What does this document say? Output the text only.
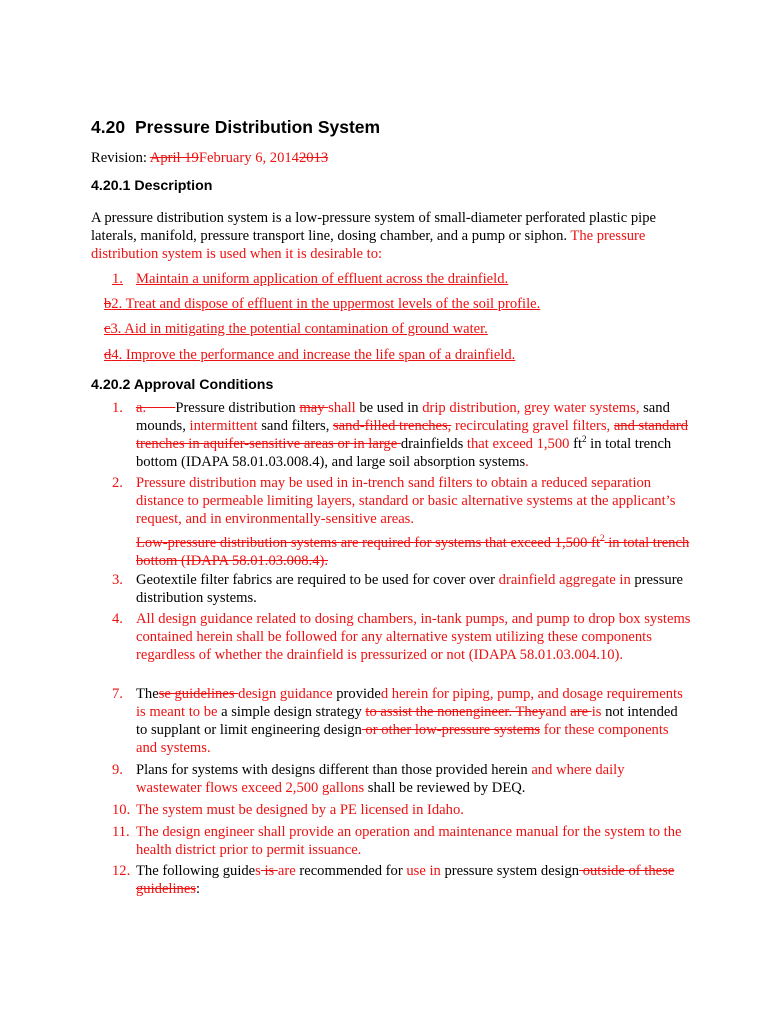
4.20 Pressure Distribution System

Revision: April 19February 6, 20142013

4.20.1 Description

A pressure distribution system is a low-pressure system of small-diameter perforated plastic pipe laterals, manifold, pressure transport line, dosing chamber, and a pump or siphon. The pressure distribution system is used when it is desirable to:

1. Maintain a uniform application of effluent across the drainfield.
b2. Treat and dispose of effluent in the uppermost levels of the soil profile.
c3. Aid in mitigating the potential contamination of ground water.
d4. Improve the performance and increase the life span of a drainfield.
4.20.2 Approval Conditions
1. a. Pressure distribution may shall be used in drip distribution, grey water systems, sand mounds, intermittent sand filters, sand-filled trenches, recirculating gravel filters, and standard trenches in aquifer-sensitive areas or in large drainfields that exceed 1,500 $ft^2$ in total trench bottom (IDAPA 58.01.03.008.4), and large soil absorption systems.
2. Pressure distribution may be used in in-trench sand filters to obtain a reduced separation distance to permeable limiting layers, standard or basic alternative systems at the applicant’s request, and in environmentally-sensitive areas.
Low-pressure distribution systems are required for systems that exceed 1,500 $ft^2$ in total trench bottom (IDAPA 58.01.03.008.4).
3. Geotextile filter fabrics are required to be used for cover over drainfield aggregate in pressure distribution systems.
4. All design guidance related to dosing chambers, in-tank pumps, and pump to drop box systems contained herein shall be followed for any alternative system utilizing these components regardless of whether the drainfield is pressurized or not (IDAPA 58.01.03.004.10).
7. These guidelines design guidance provided herein for piping, pump, and dosage requirements is meant to be a simple design strategy to assist the nonengineer. Theyand are is not intended to supplant or limit engineering design or other low-pressure systems for these components and systems.
9. Plans for systems with designs different than those provided herein and where daily wastewater flows exceed 2,500 gallons shall be reviewed by DEQ.
10. The system must be designed by a PE licensed in Idaho.
11. The design engineer shall provide an operation and maintenance manual for the system to the health district prior to permit issuance.
12. The following guides is are recommended for use in pressure system design outside of these guidelines:
